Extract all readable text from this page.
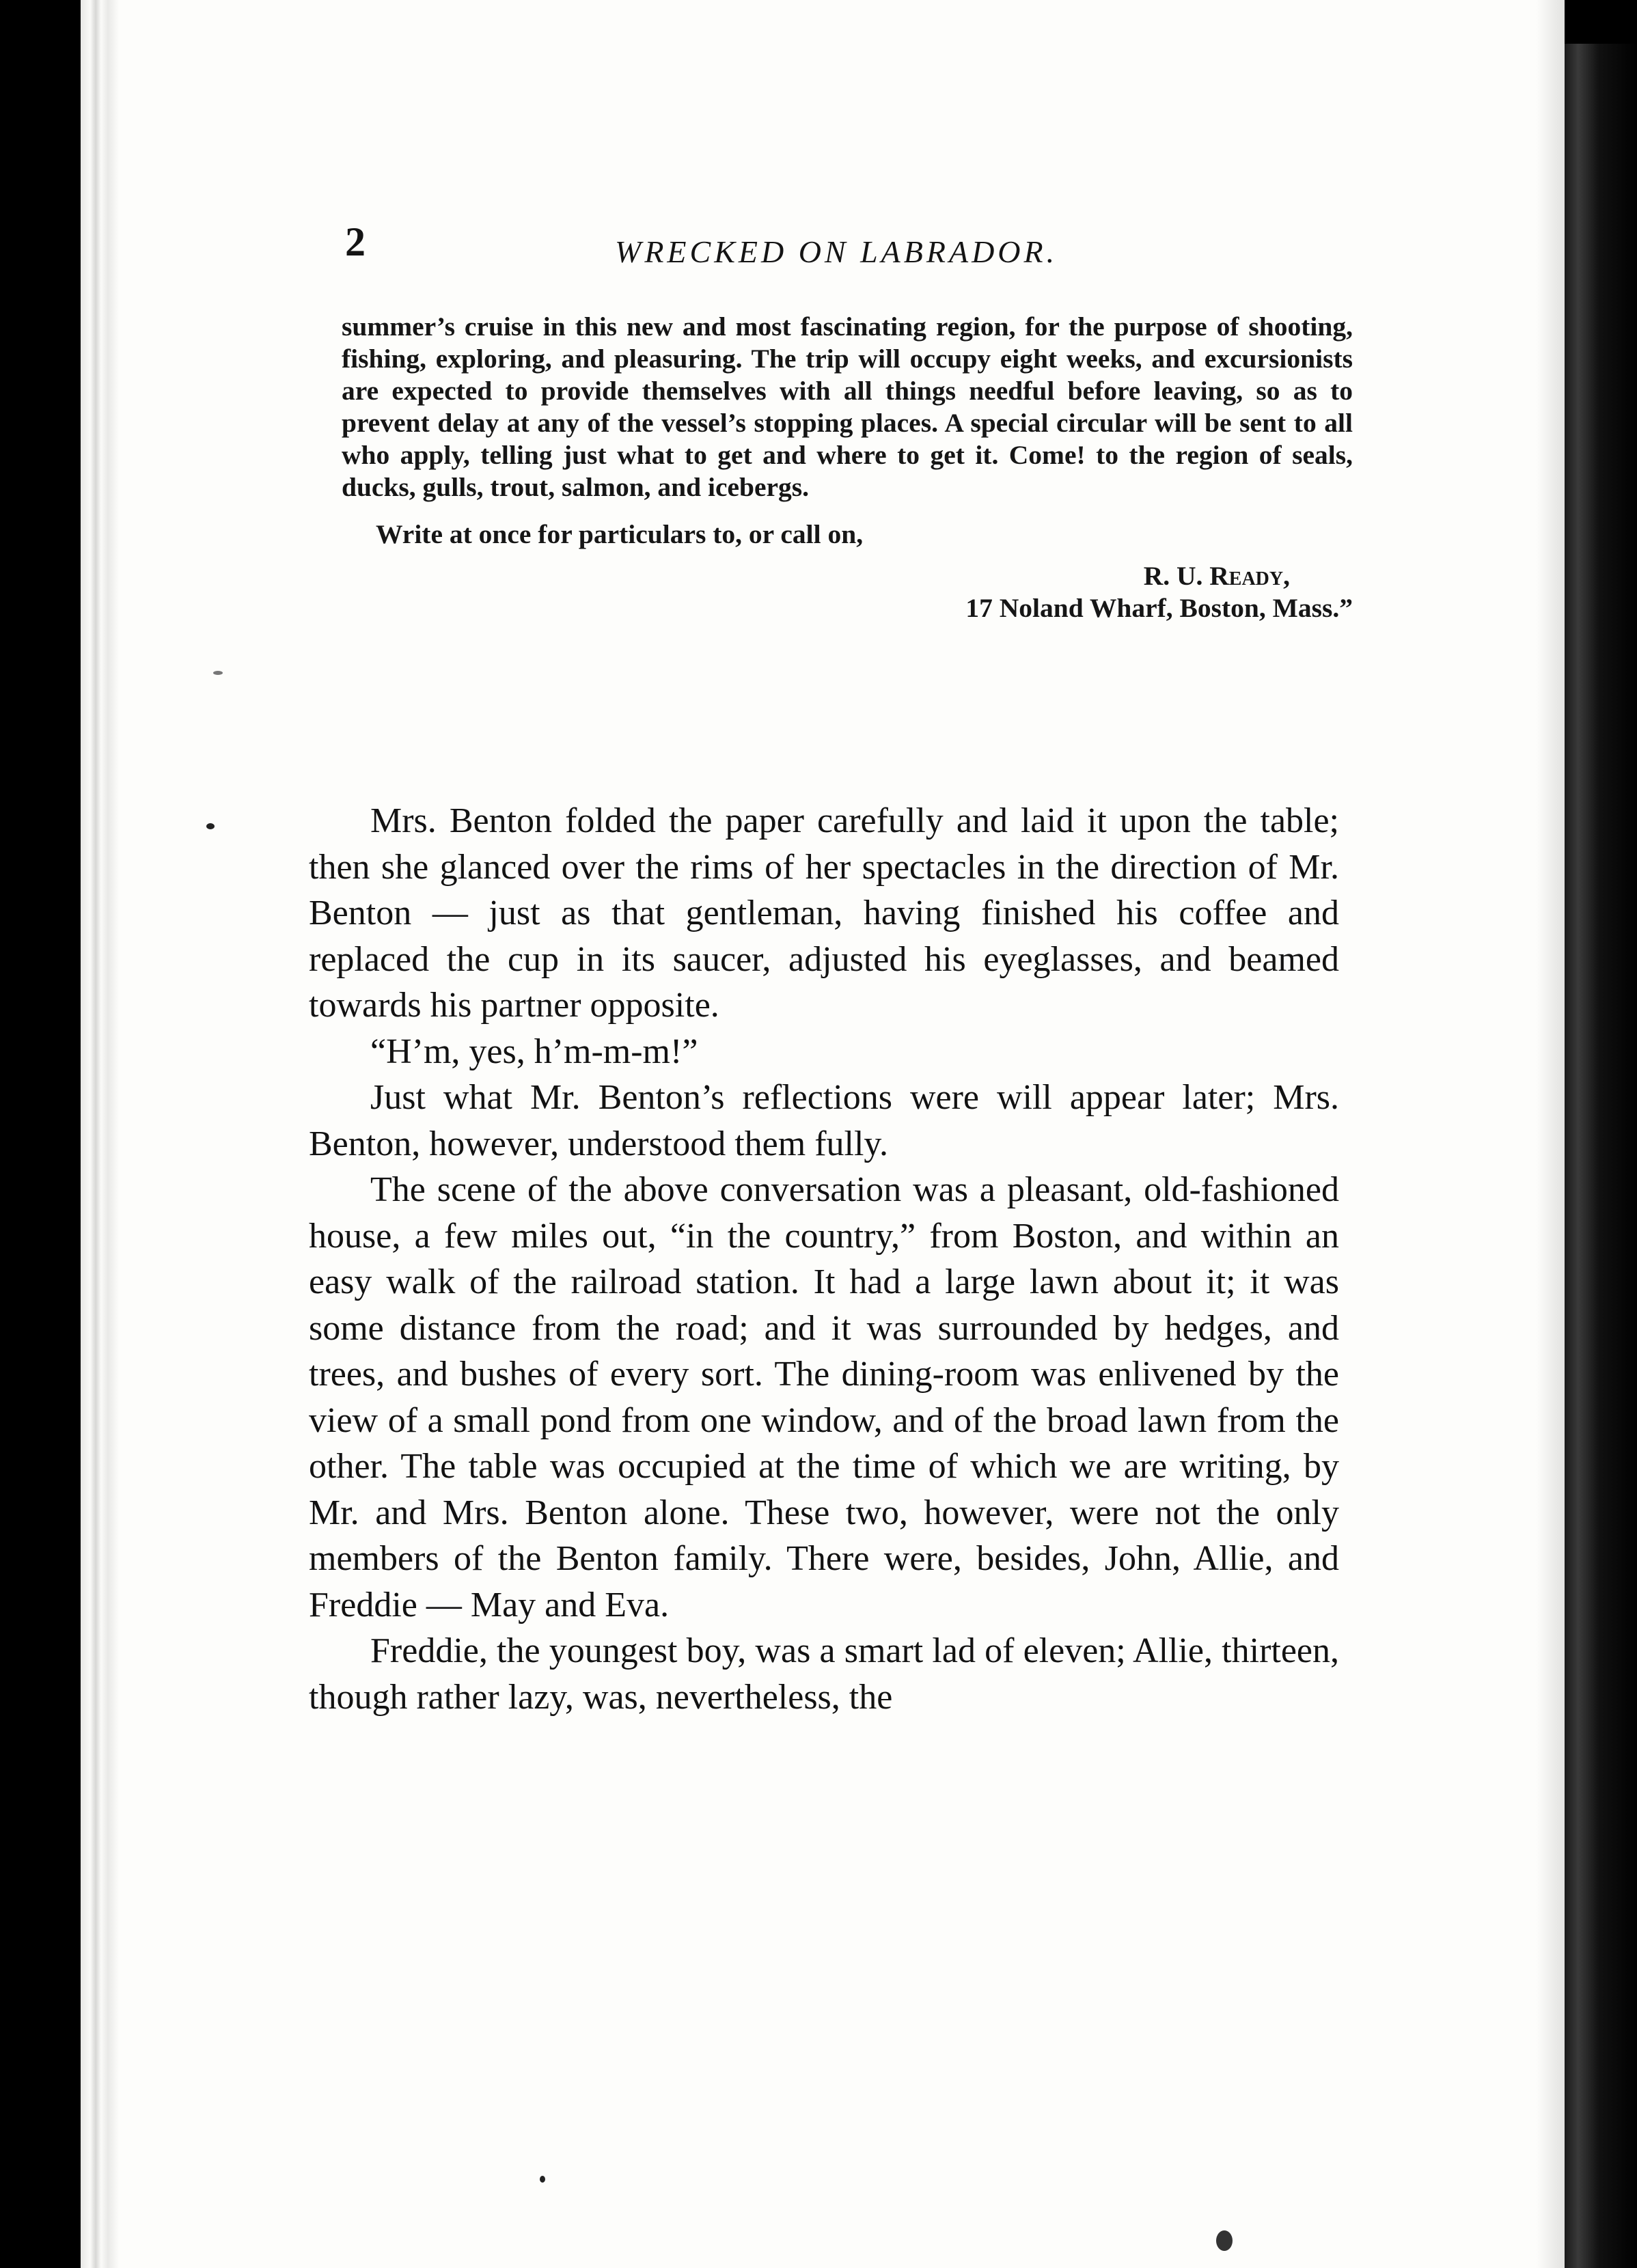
2	WRECKED ON LABRADOR.

summer’s cruise in this new and most fascinating region, for the purpose of shooting, fishing, exploring, and pleasuring. The trip will occupy eight weeks, and excursionists are expected to provide themselves with all things needful before leaving, so as to prevent delay at any of the vessel’s stopping places. A special circular will be sent to all who apply, telling just what to get and where to get it. Come! to the region of seals, ducks, gulls, trout, salmon, and icebergs.

Write at once for particulars to, or call on,

R. U. Ready,
17 Noland Wharf, Boston, Mass.”

Mrs. Benton folded the paper carefully and laid it upon the table; then she glanced over the rims of her spectacles in the direction of Mr. Benton — just as that gentleman, having finished his coffee and replaced the cup in its saucer, adjusted his eyeglasses, and beamed towards his partner opposite.

“H’m, yes, h’m-m-m!”

Just what Mr. Benton’s reflections were will appear later; Mrs. Benton, however, understood them fully.

The scene of the above conversation was a pleasant, old-fashioned house, a few miles out, “in the country,” from Boston, and within an easy walk of the railroad station. It had a large lawn about it; it was some distance from the road; and it was surrounded by hedges, and trees, and bushes of every sort. The dining-room was enlivened by the view of a small pond from one window, and of the broad lawn from the other. The table was occupied at the time of which we are writing, by Mr. and Mrs. Benton alone. These two, however, were not the only members of the Benton family. There were, besides, John, Allie, and Freddie — May and Eva.

Freddie, the youngest boy, was a smart lad of eleven; Allie, thirteen, though rather lazy, was, nevertheless, the
